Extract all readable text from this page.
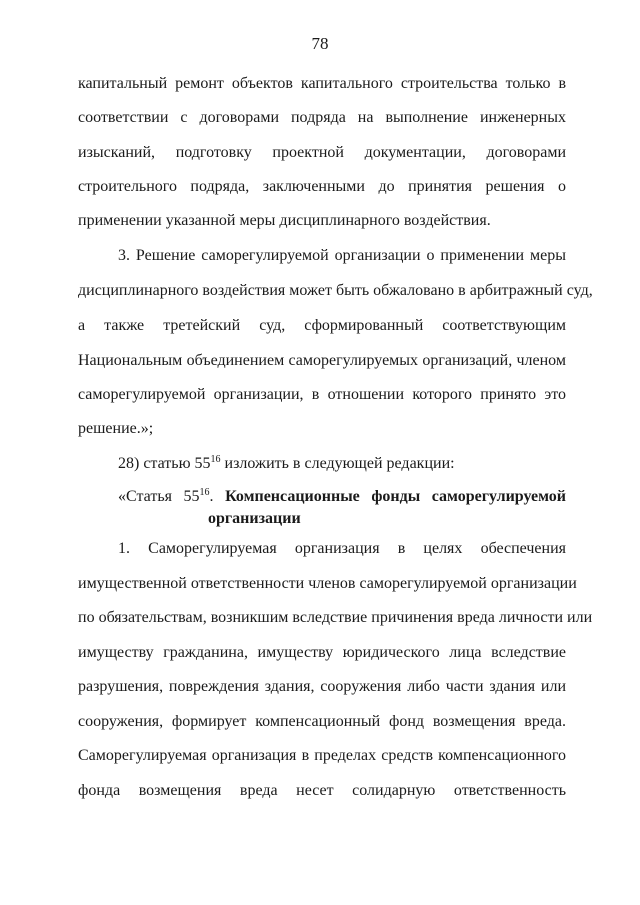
78
капитальный ремонт объектов капитального строительства только в
соответствии с договорами подряда на выполнение инженерных
изысканий, подготовку проектной документации, договорами
строительного подряда, заключенными до принятия решения о
применении указанной меры дисциплинарного воздействия.
3. Решение саморегулируемой организации о применении меры
дисциплинарного воздействия может быть обжаловано в арбитражный суд,
а также третейский суд, сформированный соответствующим
Национальным объединением саморегулируемых организаций, членом
саморегулируемой организации, в отношении которого принято это
решение.»;
28) статью $55^{16}$ изложить в следующей редакции:
«Статья $55^{16}$. Компенсационные фонды саморегулируемой
организации
1. Саморегулируемая организация в целях обеспечения
имущественной ответственности членов саморегулируемой организации
по обязательствам, возникшим вследствие причинения вреда личности или
имуществу гражданина, имуществу юридического лица вследствие
разрушения, повреждения здания, сооружения либо части здания или
сооружения, формирует компенсационный фонд возмещения вреда.
Саморегулируемая организация в пределах средств компенсационного
фонда возмещения вреда несет солидарную ответственность
